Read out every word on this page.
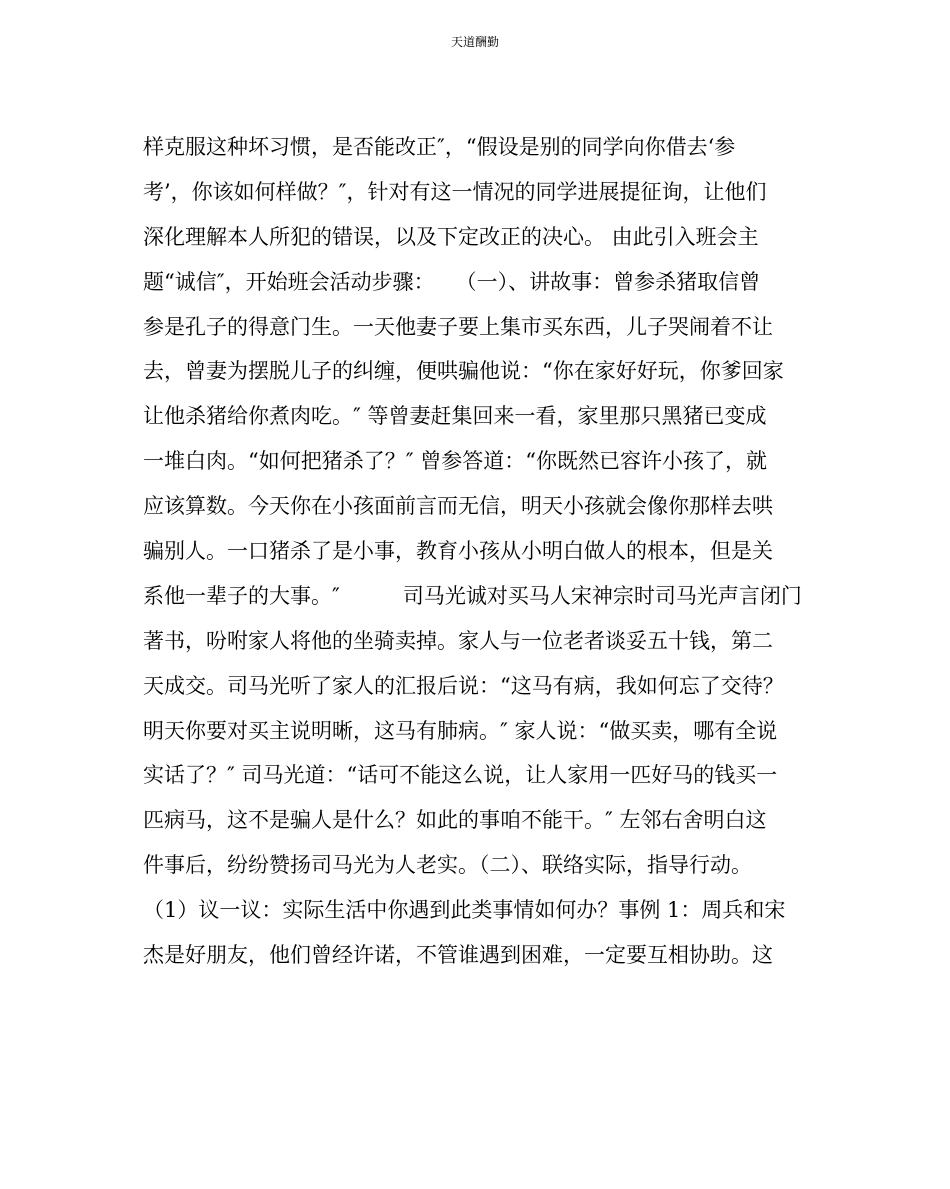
天道酬勤
样克服这种坏习惯，是否能改正″，“假设是别的同学向你借去‘参
考’，你该如何样做？″，针对有这一情况的同学进展提征询，让他们
深化理解本人所犯的错误，以及下定改正的决心。 由此引入班会主
题“诚信″，开始班会活动步骤：　　（一）、讲故事：曾参杀猪取信曾
参是孔子的得意门生。一天他妻子要上集市买东西，儿子哭闹着不让
去，曾妻为摆脱儿子的纠缠，便哄骗他说：“你在家好好玩，你爹回家
让他杀猪给你煮肉吃。″ 等曾妻赶集回来一看，家里那只黑猪已变成
一堆白肉。“如何把猪杀了？″ 曾参答道：“你既然已容许小孩了，就
应该算数。今天你在小孩面前言而无信，明天小孩就会像你那样去哄
骗别人。一口猪杀了是小事，教育小孩从小明白做人的根本，但是关
系他一辈子的大事。″　　　司马光诚对买马人宋神宗时司马光声言闭门
著书，吩咐家人将他的坐骑卖掉。家人与一位老者谈妥五十钱，第二
天成交。司马光听了家人的汇报后说：“这马有病，我如何忘了交待？
明天你要对买主说明晰，这马有肺病。″ 家人说：“做买卖，哪有全说
实话了？″ 司马光道：“话可不能这么说，让人家用一匹好马的钱买一
匹病马，这不是骗人是什么？如此的事咱不能干。″ 左邻右舍明白这
件事后，纷纷赞扬司马光为人老实。（二）、联络实际，指导行动。
（1）议一议：实际生活中你遇到此类事情如何办？事例 1：周兵和宋
杰是好朋友，他们曾经许诺，不管谁遇到困难，一定要互相协助。这
